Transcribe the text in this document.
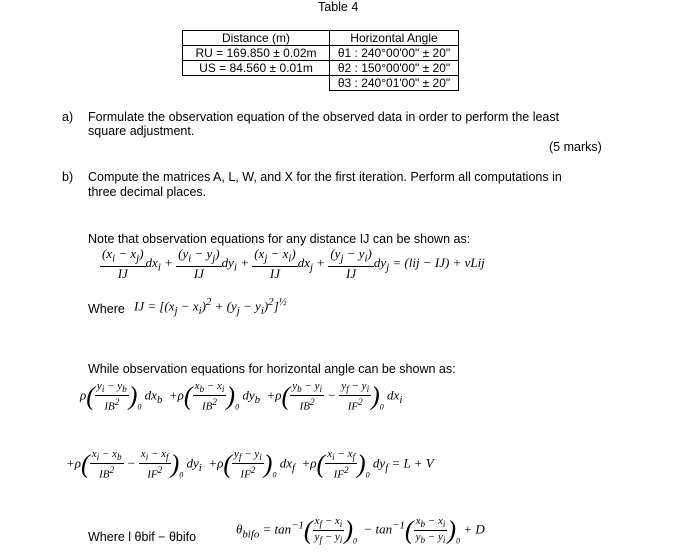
Table 4
Distance (m)	Horizontal Angle
RU = 169.850 ± 0.02m	θ1 : 240°00'00" ± 20"
US = 84.560 ± 0.01m	θ2 : 150°00'00" ± 20"
	θ3 : 240°01'00" ± 20"
a) Formulate the observation equation of the observed data in order to perform the least
square adjustment.
(5 marks)
b) Compute the matrices A, L, W, and X for the first iteration. Perform all computations in
three decimal places.
Note that observation equations for any distance IJ can be shown as:
$\frac{(x_i - x_j)}{IJ} dx_i + \frac{(y_i - y_j)}{IJ} dy_i + \frac{(x_j - x_i)}{IJ} dx_j + \frac{(y_j - y_i)}{IJ} dy_j = (lij - IJ)$ + vLij
Where IJ = $[(x_j - x_i)^2 + (y_j - y_i)^2]^{\frac{1}{2}}$
While observation equations for horizontal angle can be shown as:
$\rho( \frac{y_i - y_b}{IB^2} )_0$ $dx_b +\rho( \frac{x_b - x_i}{IB^2} )_0$ $dy_b +\rho( \frac{y_b - y_i}{IB^2} - \frac{y_f - y_i}{IF^2} )_0$ $dx_i$
$+\rho( \frac{x_i - x_b}{IB^2} - \frac{x_i - x_f}{IF^2} )_0$ $dy_i +\rho( \frac{y_f - y_i}{IF^2} )_0$ $dx_f +\rho( \frac{x_i - x_f}{IF^2} )_0$ $dy_f = L + V$
Where l θbif − θbifo
$\theta_{bifo} = \tan^{-1}( \frac{x_f - x_i}{y_f - y_i} )_0 - \tan^{-1}( \frac{x_b - x_i}{y_b - y_i} )_0 + D$
